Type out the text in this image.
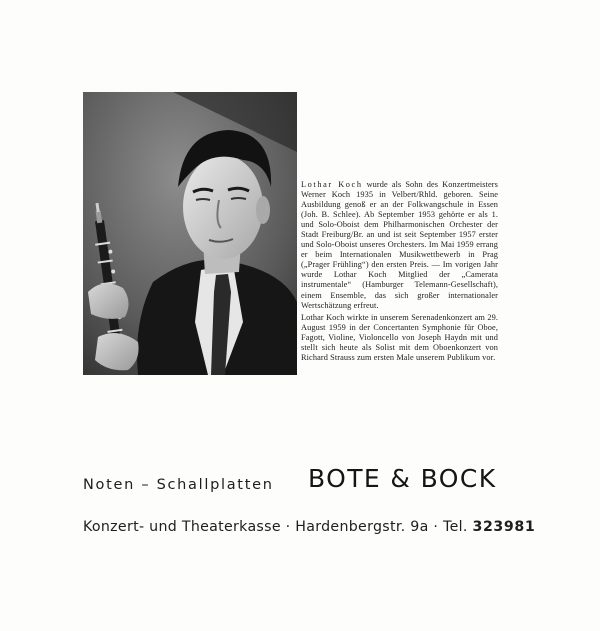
Lothar Koch wurde als Sohn des Konzertmeisters Werner Koch 1935 in Velbert/Rhld. geboren. Seine Ausbildung genoß er an der Folkwangschule in Essen (Joh. B. Schlee). Ab September 1953 gehörte er als 1. und Solo-Oboist dem Philharmonischen Orchester der Stadt Freiburg/Br. an und ist seit September 1957 erster und Solo-Oboist unseres Orchesters. Im Mai 1959 errang er beim Internationalen Musikwettbewerb in Prag („Prager Frühling“) den ersten Preis. — Im vorigen Jahr wurde Lothar Koch Mitglied der „Camerata instrumentale“ (Hamburger Telemann-Gesellschaft), einem Ensemble, das sich großer internationaler Wertschätzung erfreut.

Lothar Koch wirkte in unserem Serenadenkonzert am 29. August 1959 in der Concertanten Symphonie für Oboe, Fagott, Violine, Violoncello von Joseph Haydn mit und stellt sich heute als Solist mit dem Oboenkonzert von Richard Strauss zum ersten Male unserem Publikum vor.

Noten – Schallplatten BOTE & BOCK
Konzert- und Theaterkasse · Hardenbergstr. 9a · Tel. 323981
